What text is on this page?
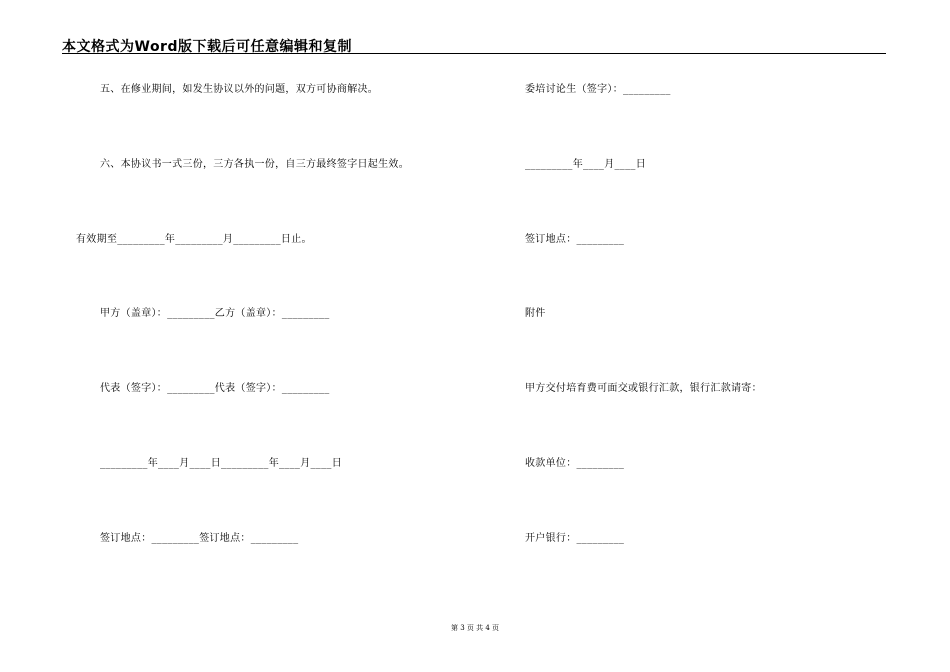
本文格式为Word版下载后可任意编辑和复制
五、在修业期间，如发生协议以外的问题，双方可协商解决。
六、本协议书一式三份，三方各执一份，自三方最终签字日起生效。
有效期至_________年_________月_________日止。
甲方（盖章）：_________乙方（盖章）：_________
代表（签字）：_________代表（签字）：_________
_________年____月____日_________年____月____日
签订地点：_________签订地点：_________
委培讨论生（签字）：_________
_________年____月____日
签订地点：_________
附件
甲方交付培育费可面交或银行汇款，银行汇款请寄：
收款单位：_________
开户银行：_________
第 3 页 共 4 页
